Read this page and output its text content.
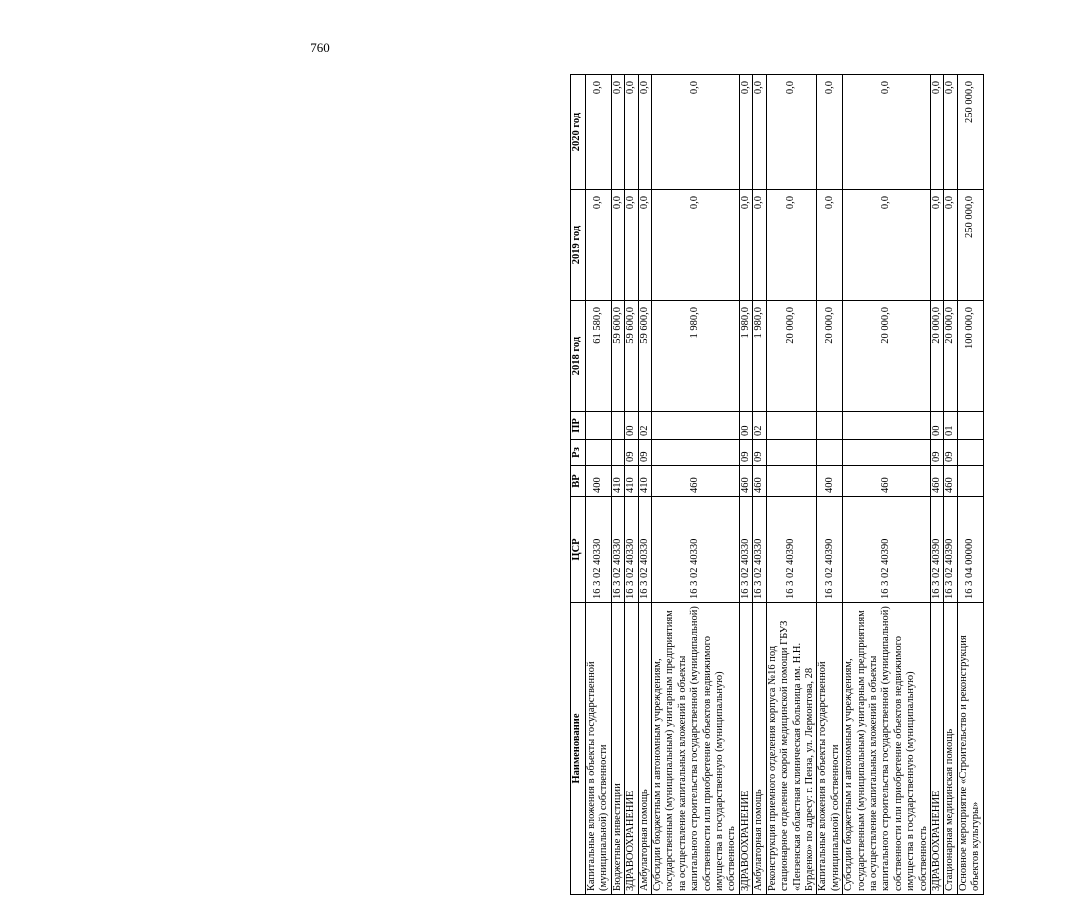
760
Наименование	ЦСР	ВР	Рз	ПР	2018 год	2019 год	2020 год
Капитальные вложения в объекты государственной (муниципальной) собственности	16 3 02 40330	400			61 580,0	0,0	0,0
Бюджетные инвестиции	16 3 02 40330	410			59 600,0	0,0	0,0
ЗДРАВООХРАНЕНИЕ	16 3 02 40330	410	09	00	59 600,0	0,0	0,0
Амбулаторная помощь	16 3 02 40330	410	09	02	59 600,0	0,0	0,0
Субсидии бюджетным и автономным учреждениям, государственным (муниципальным) унитарным предприятиям на осуществление капитальных вложений в объекты капитального строительства государственной (муниципальной) собственности или приобретение объектов недвижимого имущества в государственную (муниципальную) собственность	16 3 02 40330	460			1 980,0	0,0	0,0
ЗДРАВООХРАНЕНИЕ	16 3 02 40330	460	09	00	1 980,0	0,0	0,0
Амбулаторная помощь	16 3 02 40330	460	09	02	1 980,0	0,0	0,0
Реконструкция приемного отделения корпуса №16 под стационарное отделение скорой медицинской помощи ГБУЗ «Пензенская областная клиническая больница им. Н.Н. Бурденко» по адресу: г. Пенза, ул. Лермонтова, 28	16 3 02 40390				20 000,0	0,0	0,0
Капитальные вложения в объекты государственной (муниципальной) собственности	16 3 02 40390	400			20 000,0	0,0	0,0
Субсидии бюджетным и автономным учреждениям, государственным (муниципальным) унитарным предприятиям на осуществление капитальных вложений в объекты капитального строительства государственной (муниципальной) собственности или приобретение объектов недвижимого имущества в государственную (муниципальную) собственность	16 3 02 40390	460			20 000,0	0,0	0,0
ЗДРАВООХРАНЕНИЕ	16 3 02 40390	460	09	00	20 000,0	0,0	0,0
Стационарная медицинская помощь	16 3 02 40390	460	09	01	20 000,0	0,0	0,0
Основное мероприятие «Строительство и реконструкция объектов культуры»	16 3 04 00000				100 000,0	250 000,0	250 000,0
